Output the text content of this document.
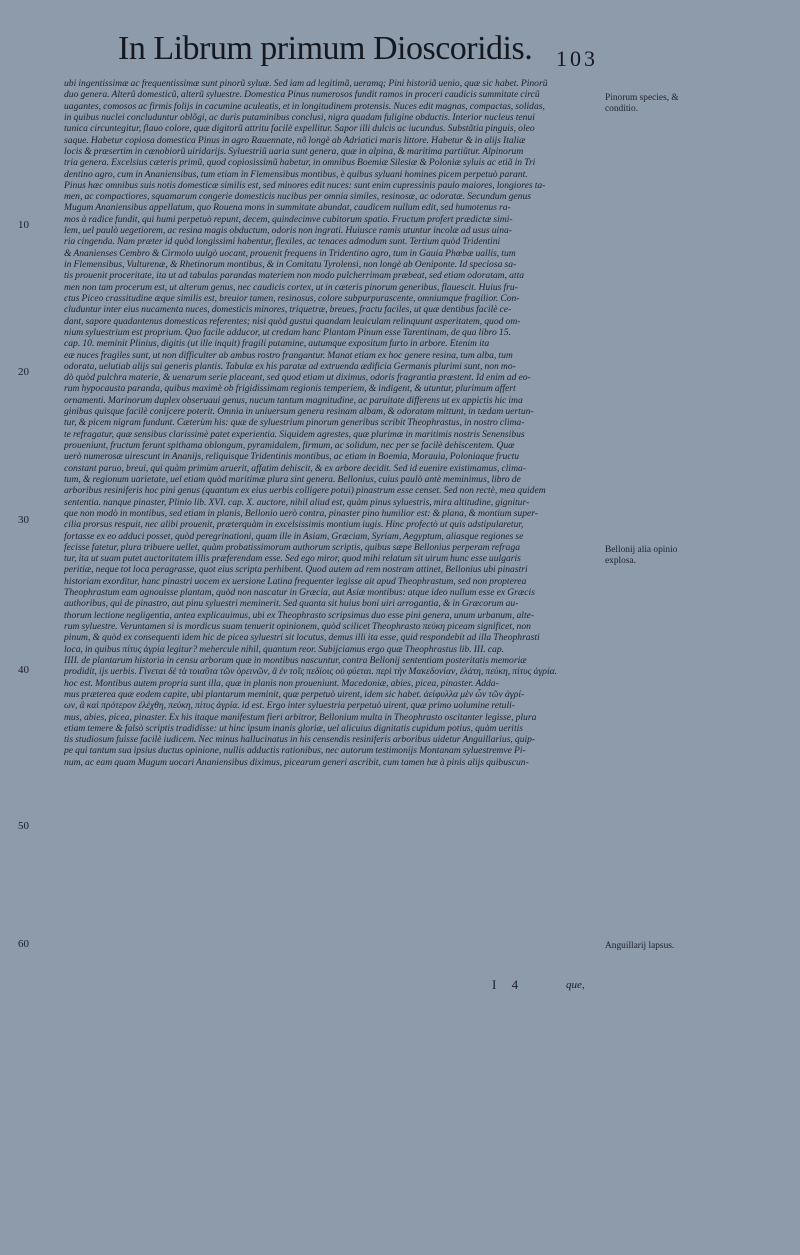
In Librum primum Dioscoridis. 103
10
20
30
40
50
60
Pinorum species, & conditio.
Bellonij alia opinio explosa.
Anguillarij lapsus.
ubi ingentissimæ ac frequentissimæ sunt pinorũ syluæ. Sed iam ad legitimã, ueramq; Pini historiã uenio, quæ sic habet. Pinorũ
duo genera. Alterũ domesticũ, alterũ syluestre. Domestica Pinus numerosos fundit ramos in proceri caudicis summitate circũ
uagantes, comosos ac firmis folijs in cacumine aculeatis, et in longitudinem protensis. Nuces edit magnas, compactas, solidas,
in quibus nuclei concluduntur oblõgi, ac duris putaminibus conclusi, nigra quadam fuligine obductis. Interior nucleus tenui
tunica circuntegitur, flauo colore, quæ digitorũ attritu facilè expellitur. Sapor illi dulcis ac iucundus. Substãtia pinguis, oleo
saque. Habetur copiosa domestica Pinus in agro Rauennate, nõ longè ab Adriatici maris littore. Habetur & in alijs Italiæ
locis & præsertim in cænobiorũ uiridarijs. Syluestriũ uaria sunt genera, quæ in alpina, & maritima partiũtur. Alpinorum
tria genera. Excelsius cæteris primũ, quod copiosissimũ habetur, in omnibus Boemiæ Silesiæ & Poloniæ syluis ac etiã in Tri
dentino agro, cum in Ananiensibus, tum etiam in Flemensibus montibus, è quibus syluani homines picem perpetuò parant.
Pinus hæc omnibus suis notis domesticæ similis est, sed minores edit nuces: sunt enim cupressinis paulo maiores, longiores ta-
men, ac compactiores, squamarum congerie domesticis nucibus per omnia similes, resinosæ, ac odoratæ. Secundum genus
Mugum Ananiensibus appellatum, quo Rouena mons in summitate abundat, caudicem nullum edit, sed humotenus ra-
mos à radice fundit, qui humi perpetuò repunt, decem, quindecimve cubitorum spatio. Fructum profert prædictæ simi-
lem, uel paulò uegetiorem, ac resina magis obductum, odoris non ingrati. Huiusce ramis utuntur incolæ ad usus uina-
ria cingenda. Nam præter id quòd longissimi habentur, flexiles, ac tenaces admodum sunt. Tertium quòd Tridentini
& Ananienses Cembro & Cirmolo uulgò uocant, prouenit frequens in Tridentino agro, tum in Gauia Phœbæ uallis, tum
in Flemensibus, Vulturenæ, & Rhetinorum montibus, & in Comitatu Tyrolensi, non longè ab Oeniponte. Id speciosa sa-
tis prouenit proceritate, ita ut ad tabulas parandas materiem non modo pulcherrimam præbeat, sed etiam odoratam, atta
men non tam procerum est, ut alterum genus, nec caudicis cortex, ut in cæteris pinorum generibus, flauescit. Huius fru-
ctus Piceo crassitudine æque similis est, breuior tamen, resinosus, colore subpurpurascente, omniumque fragilior. Con-
cluduntur inter eius nucamenta nuces, domesticis minores, triquetræ, breues, fractu faciles, ut quæ dentibus facilè ce-
dant, sapore quadantenus domesticas referentes; nisi quòd gustui quandam leuiculam relinquunt asperitatem, quod om-
nium syluestrium est proprium. Quo facile adducor, ut credam hanc Plantam Pinum esse Tarentinam, de qua libro 15.
cap. 10. meminit Plinius, digitis (ut ille inquit) fragili putamine, autumque expositum furto in arbore. Etenim ita
eæ nuces fragiles sunt, ut non difficulter ab ambus rostro frangantur. Manat etiam ex hoc genere resina, tum alba, tum
odorata, uelutiab alijs sui generis plantis. Tabulæ ex his paratæ ad extruenda ædificia Germanis plurimi sunt, non mo-
dò quòd pulchra materie, & uenarum serie placeant, sed quod etiam ut diximus, odoris fragrantia præstent. Id enim ad eo-
rum hypocausta paranda, quibus maximè ob frigidissimam regionis temperiem, & indigent, & utuntur, plurimum affert
ornamenti. Marinorum duplex obseruaui genus, nucum tantum magnitudine, ac paruitate differens ut ex appictis hic ima
ginibus quisque facilè conijcere poterit. Omnia in uniuersum genera resinam albam, & odoratam mittunt, in tædam uertun-
tur, & picem nigram fundunt. Cæterùm his: quæ de syluestrium pinorum generibus scribit Theophrastus, in nostro clima-
te refragatur, quæ sensibus clarissimè patet experientia. Siquidem agrestes, quæ plurimæ in maritimis nostris Senensibus
proueniunt, fructum ferunt spithama oblongum, pyramidalem, firmum, ac solidum, nec per se facilè dehiscentem. Quæ
uerò numerosæ uirescunt in Ananijs, reliquisque Tridentinis montibus, ac etiam in Boemia, Morauia, Poloniaque fructu
constant paruo, breui, qui quàm primùm aruerit, affatim dehiscit, & ex arbore decidit. Sed id euenire existimamus, clima-
tum, & regionum uarietate, uel etiam quòd maritimæ plura sint genera. Bellonius, cuius paulò antè meminimus, libro de
arboribus resiniferis hoc pini genus (quantum ex eius uerbis colligere potui) pinastrum esse censet. Sed non rectè, mea quidem
sententia. nanque pinaster, Plinio lib. XVI. cap. X. auctore, nihil aliud est, quàm pinus syluestris, mira altitudine, gignitur-
que non modò in montibus, sed etiam in planis, Bellonio uerò contra, pinaster pino humilior est: & plana, & montium super-
cilia prorsus respuit, nec alibi prouenit, præterquàm in excelsissimis montium iugis. Hinc profectò ut quis adstipularetur,
fortasse ex eo adduci posset, quòd peregrinationi, quam ille in Asiam, Græciam, Syriam, Aegyptum, aliasque regiones se
fecisse fatetur, plura tribuere uellet, quàm probatissimorum authorum scriptis, quibus sæpe Bellonius perperam refraga
tur, ita ut suam putet auctoritatem illis præferendam esse. Sed ego miror, quod mihi relatum sit uirum hunc esse uulgaris
peritiæ, neque tot loca peragrasse, quot eius scripta perhibent. Quod autem ad rem nostram attinet, Bellonius ubi pinastri
historiam exorditur, hanc pinastri uocem ex uersione Latina frequenter legisse ait apud Theophrastum, sed non propterea
Theophrastum eam agnouisse plantam, quòd non nascatur in Græcia, aut Asiæ montibus: atque ideo nullum esse ex Græcis
authoribus, qui de pinastro, aut pinu syluestri meminerit. Sed quanta sit huius boni uiri arrogantia, & in Græcorum au-
thorum lectione negligentia, antea explicauimus, ubi ex Theophrasto scripsimus duo esse pini genera, unum urbanum, alte-
rum syluestre. Veruntamen si is mordicus suam tenuerit opinionem, quòd scilicet Theophrasto πεύκη piceam significet, non
pinum, & quòd ex consequenti idem hic de picea syluestri sit locutus, demus illi ita esse, quid respondebit ad illa Theophrasti
loca, in quibus πίτυς ἀγρία legitur? mehercule nihil, quantum reor. Subijciamus ergo quæ Theophrastus lib. III. cap.
IIII. de plantarum historia in censu arborum quæ in montibus nascuntur, contra Bellonij sententiam posteritatis memoriæ
prodidit, ijs uerbis. Γίνεται δὲ τὰ τοιαῦτα τῶν ὀρεινῶν, ἃ ἐν τοῖς πεδίοις οὐ φύεται. περὶ τὴν Μακεδονίαν, ἐλάτη, πεύκη, πίτυς ἀγρία.
hoc est. Montibus autem propria sunt illa, quæ in planis non proueniunt. Macedoniæ, abies, picea, pinaster. Adda-
mus præterea quæ eodem capite, ubi plantarum meminit, quæ perpetuò uirent, idem sic habet. ἀείφυλλα μὲν ὧν τῶν ἀγρί-
ων, ἃ καὶ πρότερον ἐλέχθη, πεύκη, πίτυς ἀγρία. id est. Ergo inter syluestria perpetuò uirent, quæ primo uolumine retuli-
mus, abies, picea, pinaster. Ex his itaque manifestum fieri arbitror, Bellonium multa in Theophrasto oscitanter legisse, plura
etiam temere & falsò scriptis tradidisse: ut hinc ipsum inanis gloriæ, uel alicuius dignitatis cupidum potius, quàm ueritis
tis studiosum fuisse facilè iudicem. Nec minus hallucinatus in his censendis resiniferis arboribus uidetur Anguillarius, quip-
pe qui tantum sua ipsius ductus opinione, nullis adductis rationibus, nec autorum testimonijs Montanam syluestremve Pi-
num, ac eam quam Mugum uocari Ananiensibus diximus, picearum generi ascribit, cum tamen hæ à pinis alijs quibuscun-
I 4	que,
